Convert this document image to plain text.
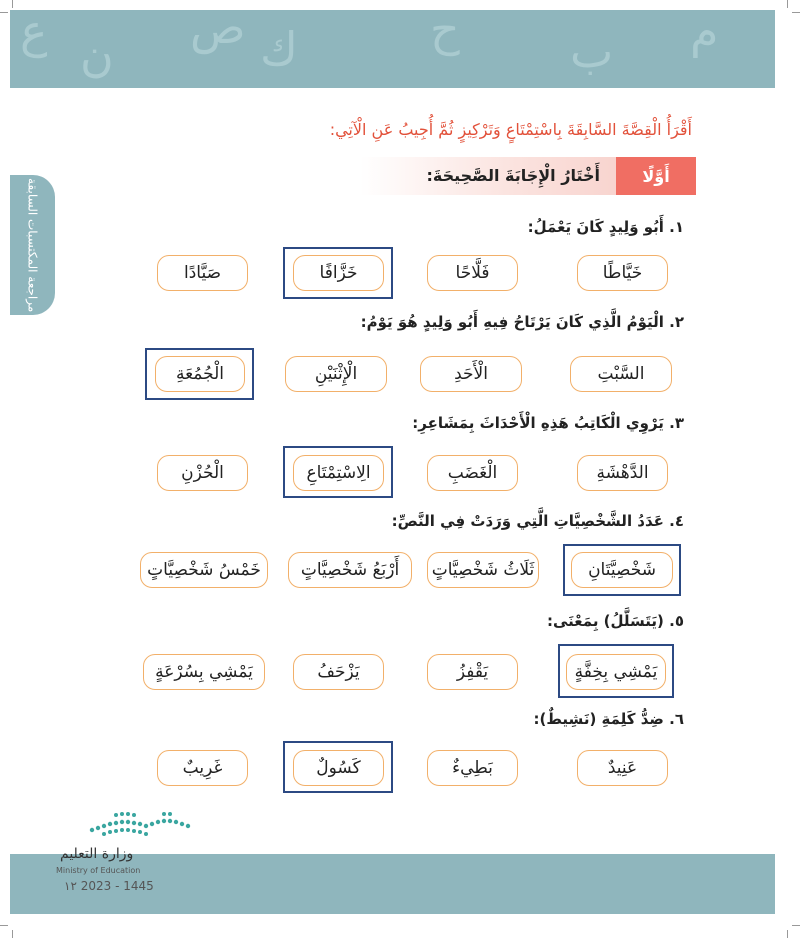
ع ن
ص ك	ح ب م
مراجعة المكتسبات السابقة
أَقْرَأُ الْقِصَّةَ السَّابِقَةَ بِاسْتِمْتَاعٍ وَتَرْكِيزٍ ثُمَّ أُجِيبُ عَنِ الْآتِي:
أَوَّلًا
أَخْتَارُ الْإِجَابَةَ الصَّحِيحَةَ:
١. أَبُو وَلِيدٍ كَانَ يَعْمَلُ:
خَيَّاطًا
فَلَّاحًا
خَزَّافًا
صَيَّادًا
٢. الْيَوْمُ الَّذِي كَانَ يَرْتَاحُ فِيهِ أَبُو وَلِيدٍ هُوَ يَوْمُ:
السَّبْتِ
الْأَحَدِ
الْإِثْنَيْنِ
الْجُمُعَةِ
٣. يَرْوِي الْكَاتِبُ هَذِهِ الْأَحْدَاثَ بِمَشَاعِرِ:
الدَّهْشَةِ
الْغَضَبِ
الِاسْتِمْتَاعِ
الْحُزْنِ
٤. عَدَدُ الشَّخْصِيَّاتِ الَّتِي وَرَدَتْ فِي النَّصِّ:
شَخْصِيَّتَانِ
ثَلَاثُ شَخْصِيَّاتٍ
أَرْبَعُ شَخْصِيَّاتٍ
خَمْسُ شَخْصِيَّاتٍ
٥. (يَتَسَلَّلُ) بِمَعْنَى:
يَمْشِي بِخِفَّةٍ
يَقْفِزُ
يَزْحَفُ
يَمْشِي بِسُرْعَةٍ
٦. ضِدُّ كَلِمَةِ (نَشِيطٌ):
عَنِيدٌ
بَطِيءٌ
كَسُولٌ
غَرِيبٌ
وزارة التعليم
Ministry of Education
١٢ 2023 - 1445
